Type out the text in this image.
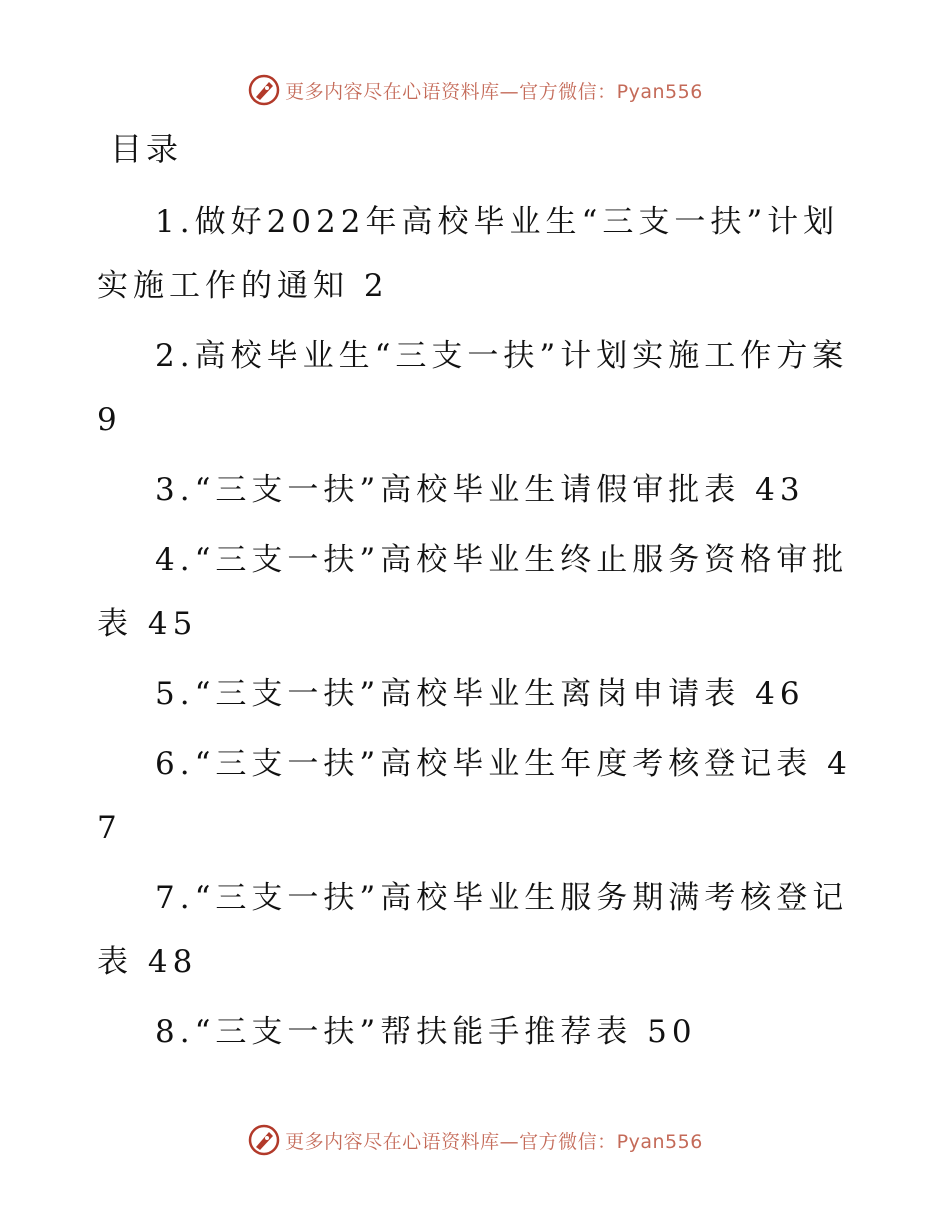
更多内容尽在心语资料库—官方微信：Pyan556
目录
1.做好2022年高校毕业生“三支一扶”计划实施工作的通知 2
2.高校毕业生“三支一扶”计划实施工作方案 9
3.“三支一扶”高校毕业生请假审批表 43
4.“三支一扶”高校毕业生终止服务资格审批表 45
5.“三支一扶”高校毕业生离岗申请表 46
6.“三支一扶”高校毕业生年度考核登记表 47
7.“三支一扶”高校毕业生服务期满考核登记表 48
8.“三支一扶”帮扶能手推荐表 50
更多内容尽在心语资料库—官方微信：Pyan556
